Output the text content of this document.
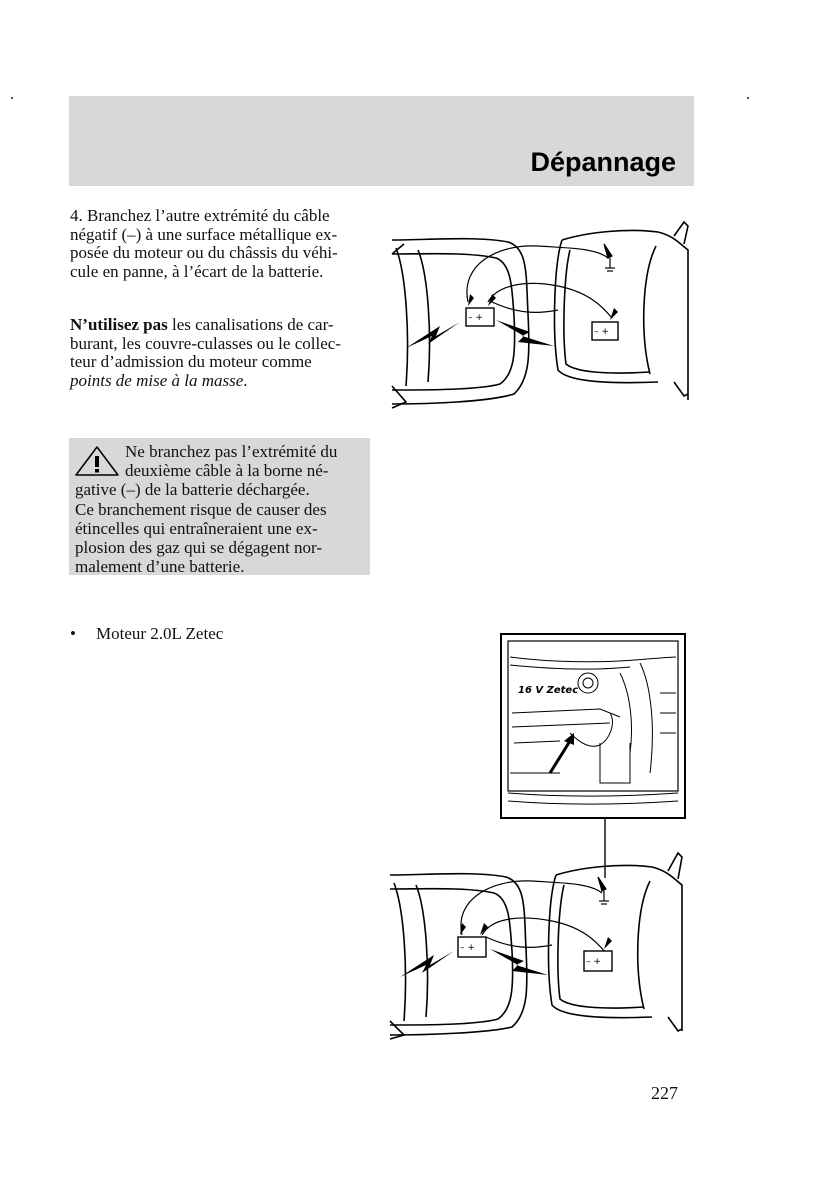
Dépannage
4. Branchez l’autre extrémité du câble
négatif (–) à une surface métallique ex-
posée du moteur ou du châssis du véhi-
cule en panne, à l’écart de la batterie.
N’utilisez pas les canalisations de car-
burant, les couvre-culasses ou le collec-
teur d’admission du moteur comme
points de mise à la masse.
Ne branchez pas l’extrémité du
deuxième câble à la borne né-
gative (–) de la batterie déchargée.
Ce branchement risque de causer des
étincelles qui entraîneraient une ex-
plosion des gaz qui se dégagent nor-
malement d’une batterie.
• Moteur 2.0L Zetec
– +
– +
16 V Zetec
– +
– +
227
